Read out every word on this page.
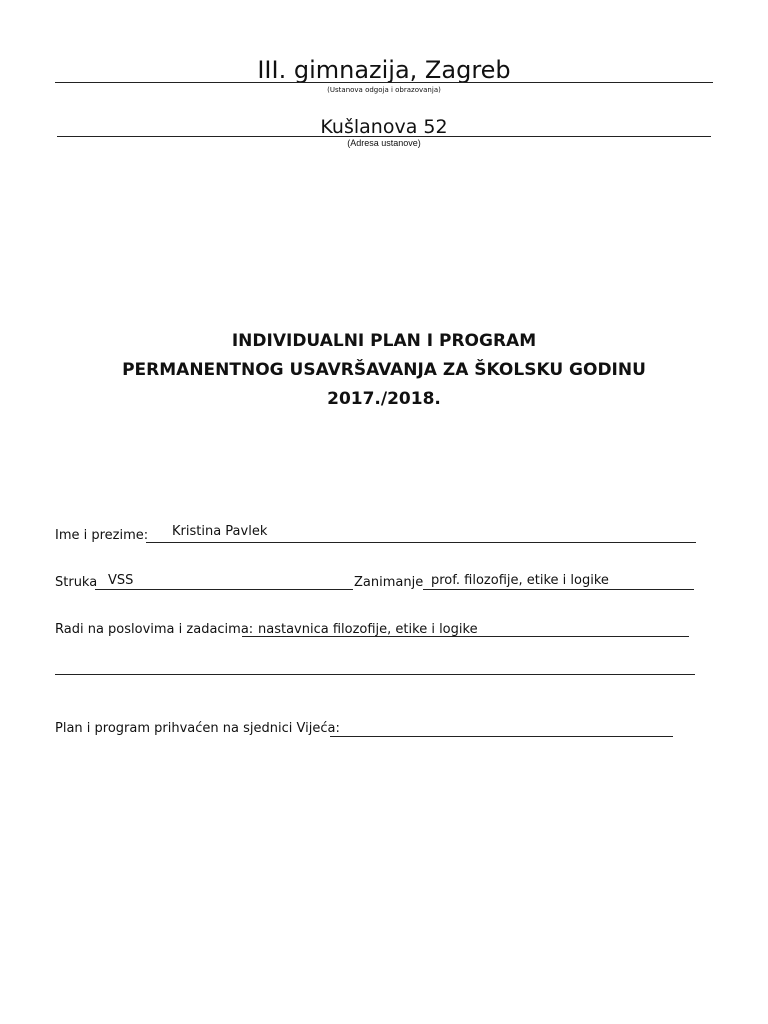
III. gimnazija, Zagreb
(Ustanova odgoja i obrazovanja)
Kušlanova 52
(Adresa ustanove)
INDIVIDUALNI PLAN I PROGRAM
PERMANENTNOG USAVRŠAVANJA ZA ŠKOLSKU GODINU
2017./2018.
Ime i prezime: Kristina Pavlek
Struka VSS	Zanimanje prof. filozofije, etike i logike
Radi na poslovima i zadacima: nastavnica filozofije, etike i logike
Plan i program prihvaćen na sjednici Vijeća:
